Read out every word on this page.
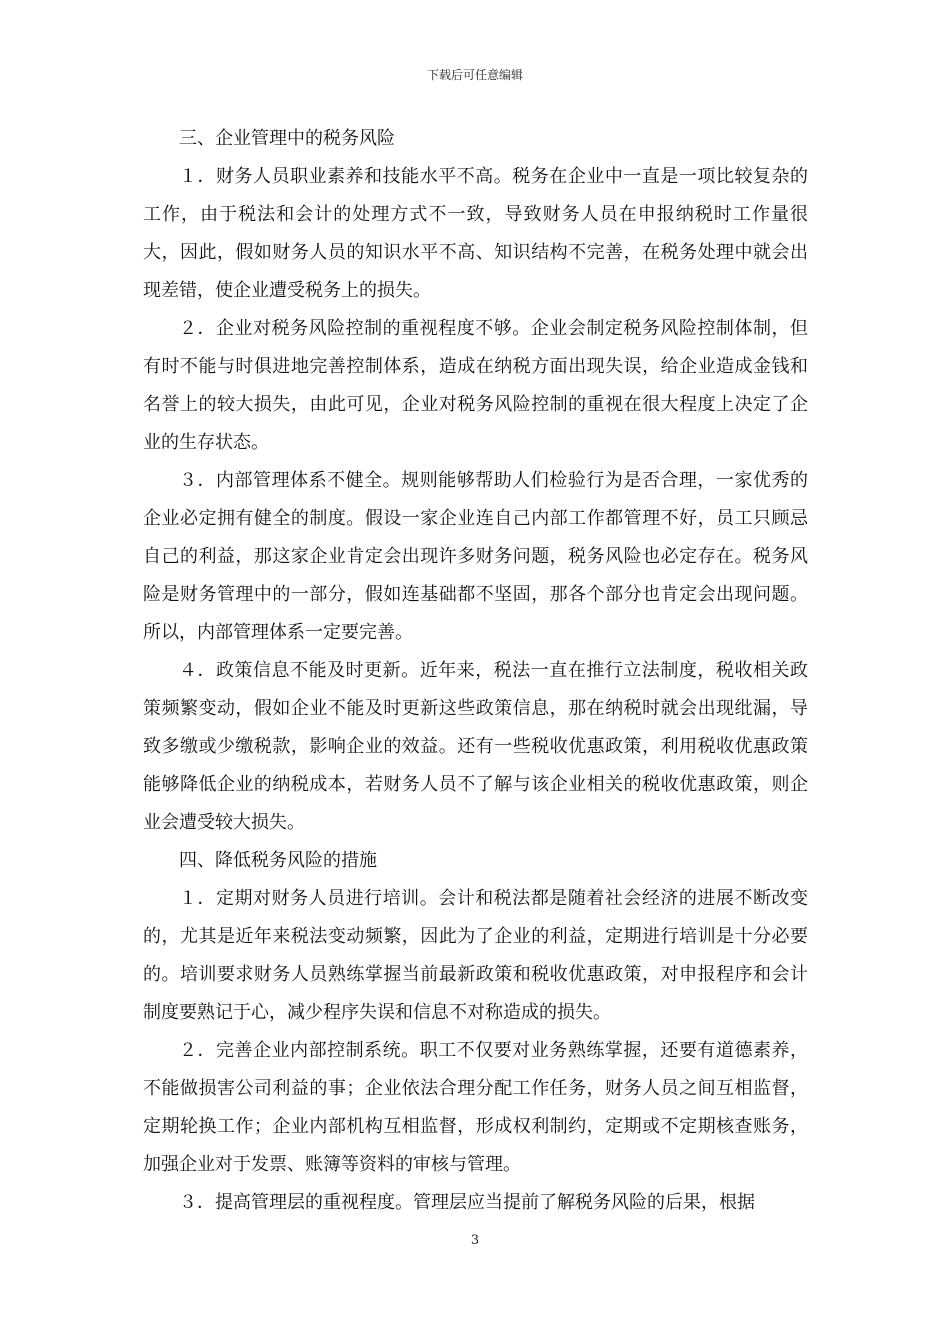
下载后可任意编辑

三、企业管理中的税务风险

１．财务人员职业素养和技能水平不高。税务在企业中一直是一项比较复杂的工作，由于税法和会计的处理方式不一致，导致财务人员在申报纳税时工作量很大，因此，假如财务人员的知识水平不高、知识结构不完善，在税务处理中就会出现差错，使企业遭受税务上的损失。

２．企业对税务风险控制的重视程度不够。企业会制定税务风险控制体制，但有时不能与时俱进地完善控制体系，造成在纳税方面出现失误，给企业造成金钱和名誉上的较大损失，由此可见，企业对税务风险控制的重视在很大程度上决定了企业的生存状态。

３．内部管理体系不健全。规则能够帮助人们检验行为是否合理，一家优秀的企业必定拥有健全的制度。假设一家企业连自己内部工作都管理不好，员工只顾忌自己的利益，那这家企业肯定会出现许多财务问题，税务风险也必定存在。税务风险是财务管理中的一部分，假如连基础都不坚固，那各个部分也肯定会出现问题。所以，内部管理体系一定要完善。

４．政策信息不能及时更新。近年来，税法一直在推行立法制度，税收相关政策频繁变动，假如企业不能及时更新这些政策信息，那在纳税时就会出现纰漏，导致多缴或少缴税款，影响企业的效益。还有一些税收优惠政策，利用税收优惠政策能够降低企业的纳税成本，若财务人员不了解与该企业相关的税收优惠政策，则企业会遭受较大损失。

四、降低税务风险的措施

１．定期对财务人员进行培训。会计和税法都是随着社会经济的进展不断改变的，尤其是近年来税法变动频繁，因此为了企业的利益，定期进行培训是十分必要的。培训要求财务人员熟练掌握当前最新政策和税收优惠政策，对申报程序和会计制度要熟记于心，减少程序失误和信息不对称造成的损失。

２．完善企业内部控制系统。职工不仅要对业务熟练掌握，还要有道德素养，不能做损害公司利益的事；企业依法合理分配工作任务，财务人员之间互相监督，定期轮换工作；企业内部机构互相监督，形成权利制约，定期或不定期核查账务，加强企业对于发票、账簿等资料的审核与管理。

３．提高管理层的重视程度。管理层应当提前了解税务风险的后果，根据

3
